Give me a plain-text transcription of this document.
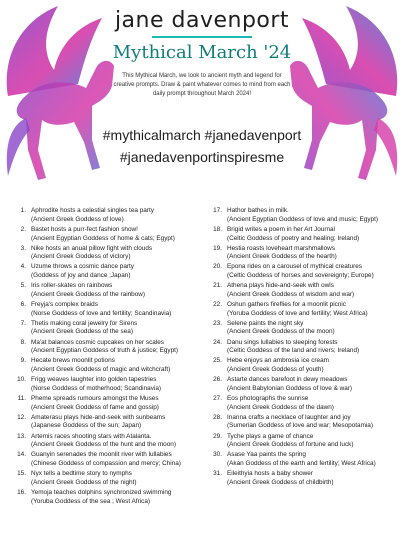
jane davenport
Mythical March '24
This Mythical March, we look to ancient myth and legend for creative prompts. Draw & paint whatever comes to mind from each daily prompt throughout March 2024!
#mythicalmarch #janedavenport
#janedavenportinspiresme
1. Aphrodite hosts a celestial singles tea party
(Ancient Greek Goddess of love)
2. Bastet hosts a purr-fect fashion show!
(Ancient Egyptian Goddess of home & cats; Egypt)
3. Nike hosts an anual pillow fight with clouds
(Ancient Greek Goddess of victory)
4. Uzume throws a cosmic dance party
(Goddess of joy and dance ;Japan)
5. Iris roller-skates on rainbows
(Ancient Greek Goddess of the rainbow)
6. Freyja's complex braids
(Norse Goddess of love and fertility; Scandinavia)
7. Thetis making coral jewelry for Sirens
(Ancient Greek Goddess of the sea)
8. Ma'at balances cosmic cupcakes on her scales
(Ancient Egyptian Goddess of truth & justice; Egypt)
9. Hecate brews moonlit potions
(Ancient Greek Goddess of magic and witchcraft)
10. Frigg weaves laughter into golden tapestries
(Norse Goddess of motherhood; Scandinavia)
11. Pheme spreads rumours amongst the Muses
(Ancient Greek Goddess of fame and gossip)
12. Amaterasu plays hide-and-seek with sunbeams
(Japanese Goddess of the sun; Japan)
13. Artemis races shooting stars with Atalanta.
(Ancient Greek Goddess of the hunt and the moon)
14. Guanyin serenades the moonlit river with lullabies
(Chinese Goddess of compassion and mercy; China)
15. Nyx tells a bedtime story to nymphs
(Ancient Greek Goddess of the night)
16. Yemoja teaches dolphins synchronized swimming
(Yoruba Goddess of the sea ; West Africa)
17. Hathor bathes in milk.
(Ancient Egyptian Goddess of love and music; Egypt)
18. Brigid writes a poem in her Art Journal
(Celtic Goddess of poetry and healing; Ireland)
19. Hestia roasts loveheart marshmallows
(Ancient Greek Goddess of the hearth)
20. Epona rides on a carousel of mythical creatures
(Celtic Goddess of horses and sovereignty; Europe)
21. Athena plays hide-and-seek with owls
(Ancient Greek Goddess of wisdom and war)
22. Oshun gathers fireflies for a moonlit picnic
(Yoruba Goddess of love and fertility; West Africa)
23. Selene paints the night sky
(Ancient Greek Goddess of the moon)
24. Danu sings lullabies to sleeping forests
(Celtic Goddess of the land and rivers; Ireland)
25. Hebe enjoys an ambrosia ice cream
(Ancient Greek Goddess of youth)
26. Astarte dances barefoot in dewy meadows
(Ancient Babylonian Goddess of love & war)
27. Eos photographs the sunrise
(Ancient Greek Goddess of the dawn)
28. Inanna crafts a necklace of laughter and joy
(Sumerian Goddess of love and war; Mesopotamia)
29. Tyche plays a game of chance
(Ancient Greek Goddess of fortune and luck)
30. Asase Yaa paints the spring
(Akan Goddess of the earth and fertility; West Africa)
31. Eileithyia hosts a baby shower
(Ancient Greek Goddess of childbirth)
